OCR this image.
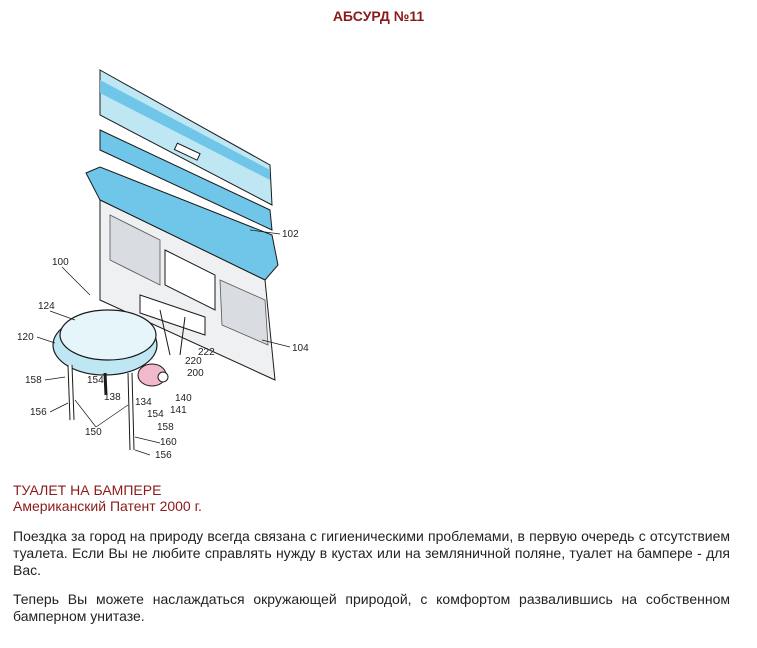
АБСУРД №11
102
104
100
124
120
222
220
200
158	154
138 134 140
141
156	154
150	158
160
156
ТУАЛЕТ НА БАМПЕРЕ
Американский Патент 2000 г.

Поездка за город на природу всегда связана с гигиеническими проблемами, в первую очередь с отсутствием туалета. Если Вы не любите справлять нужду в кустах или на земляничной поляне, туалет на бампере - для Вас.

Теперь Вы можете наслаждаться окружающей природой, с комфортом развалившись на собственном бамперном унитазе.
